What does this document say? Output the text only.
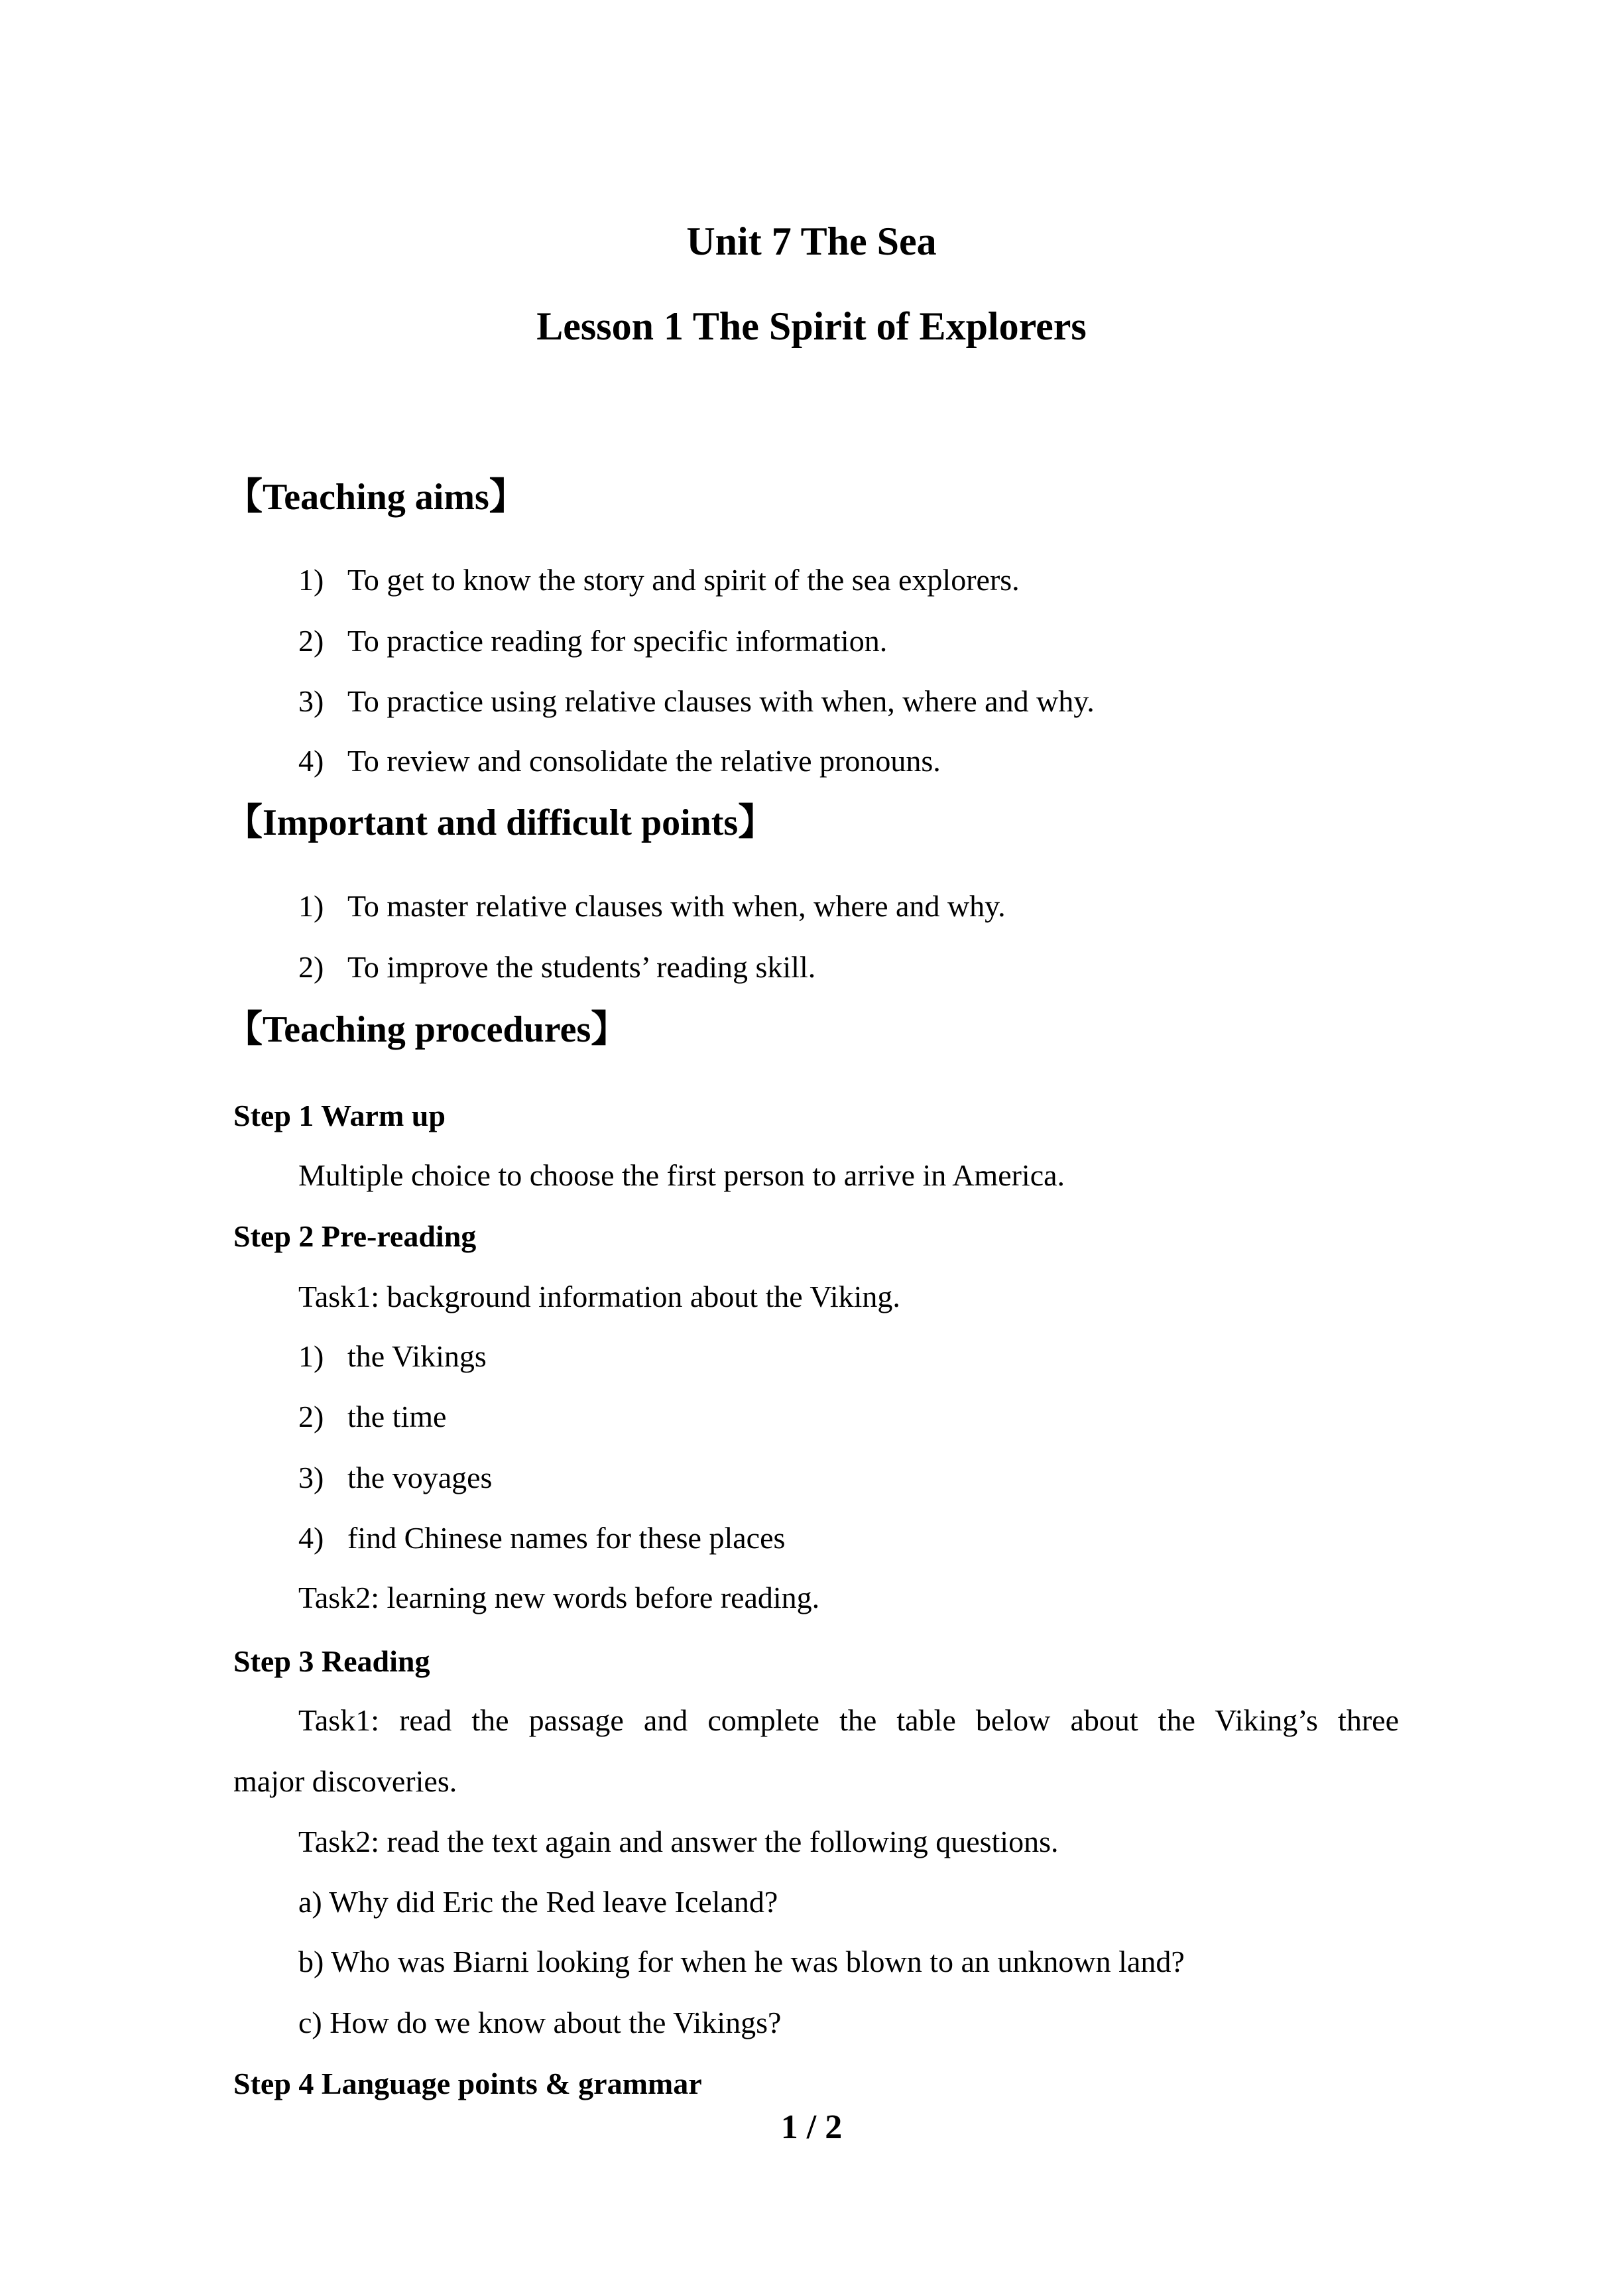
Unit 7 The Sea
Lesson 1 The Spirit of Explorers
【Teaching aims】
1) To get to know the story and spirit of the sea explorers.
2) To practice reading for specific information.
3) To practice using relative clauses with when, where and why.
4) To review and consolidate the relative pronouns.
【Important and difficult points】
1) To master relative clauses with when, where and why.
2) To improve the students’ reading skill.
【Teaching procedures】
Step 1 Warm up
Multiple choice to choose the first person to arrive in America.
Step 2 Pre-reading
Task1: background information about the Viking.
1) the Vikings
2) the time
3) the voyages
4) find Chinese names for these places
Task2: learning new words before reading.
Step 3 Reading
Task1: read the passage and complete the table below about the Viking’s three
major discoveries.
Task2: read the text again and answer the following questions.
a) Why did Eric the Red leave Iceland?
b) Who was Biarni looking for when he was blown to an unknown land?
c) How do we know about the Vikings?
Step 4 Language points & grammar
1 / 2
